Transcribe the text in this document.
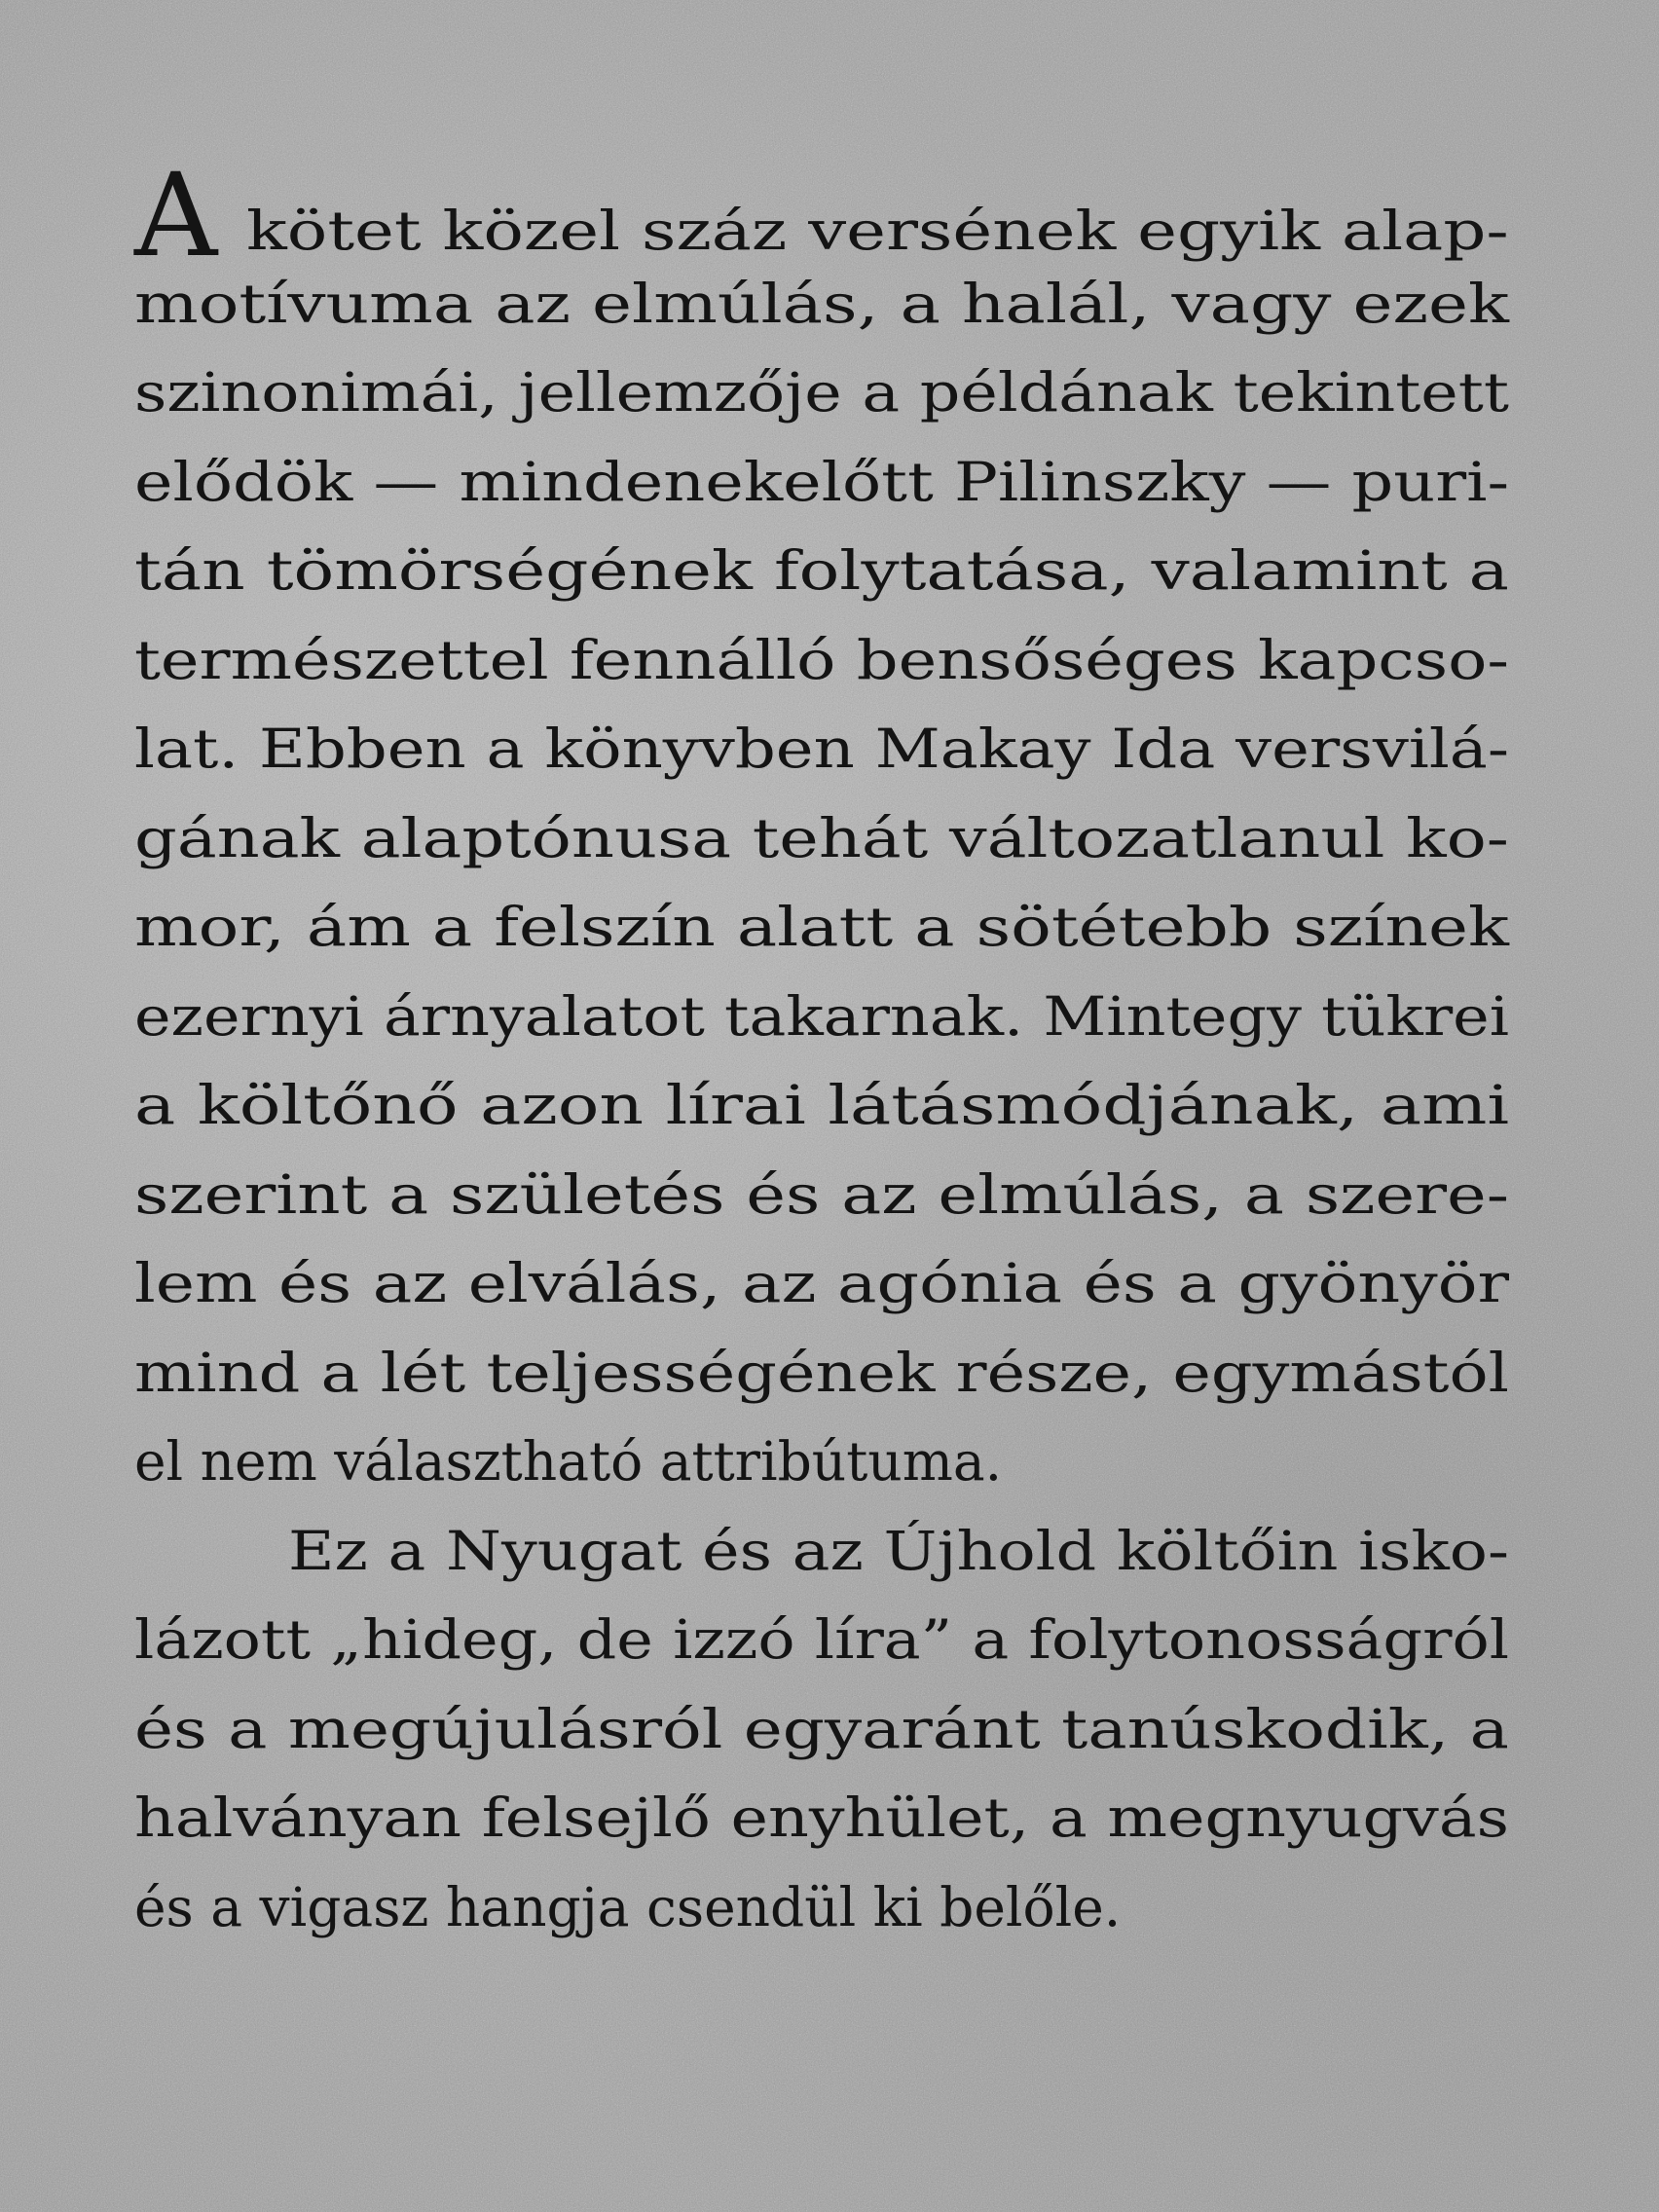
A kötet közel száz versének egyik alap-
motívuma az elmúlás, a halál, vagy ezek
szinonimái, jellemzője a példának tekintett
elődök — mindenekelőtt Pilinszky — puri-
tán tömörségének folytatása, valamint a
természettel fennálló bensőséges kapcso-
lat. Ebben a könyvben Makay Ida versvilá-
gának alaptónusa tehát változatlanul ko-
mor, ám a felszín alatt a sötétebb színek
ezernyi árnyalatot takarnak. Mintegy tükrei
a költőnő azon lírai látásmódjának, ami
szerint a születés és az elmúlás, a szere-
lem és az elválás, az agónia és a gyönyör
mind a lét teljességének része, egymástól
el nem választható attribútuma.
Ez a Nyugat és az Újhold költőin isko-
lázott „hideg, de izzó líra” a folytonosságról
és a megújulásról egyaránt tanúskodik, a
halványan felsejlő enyhület, a megnyugvás
és a vigasz hangja csendül ki belőle.
